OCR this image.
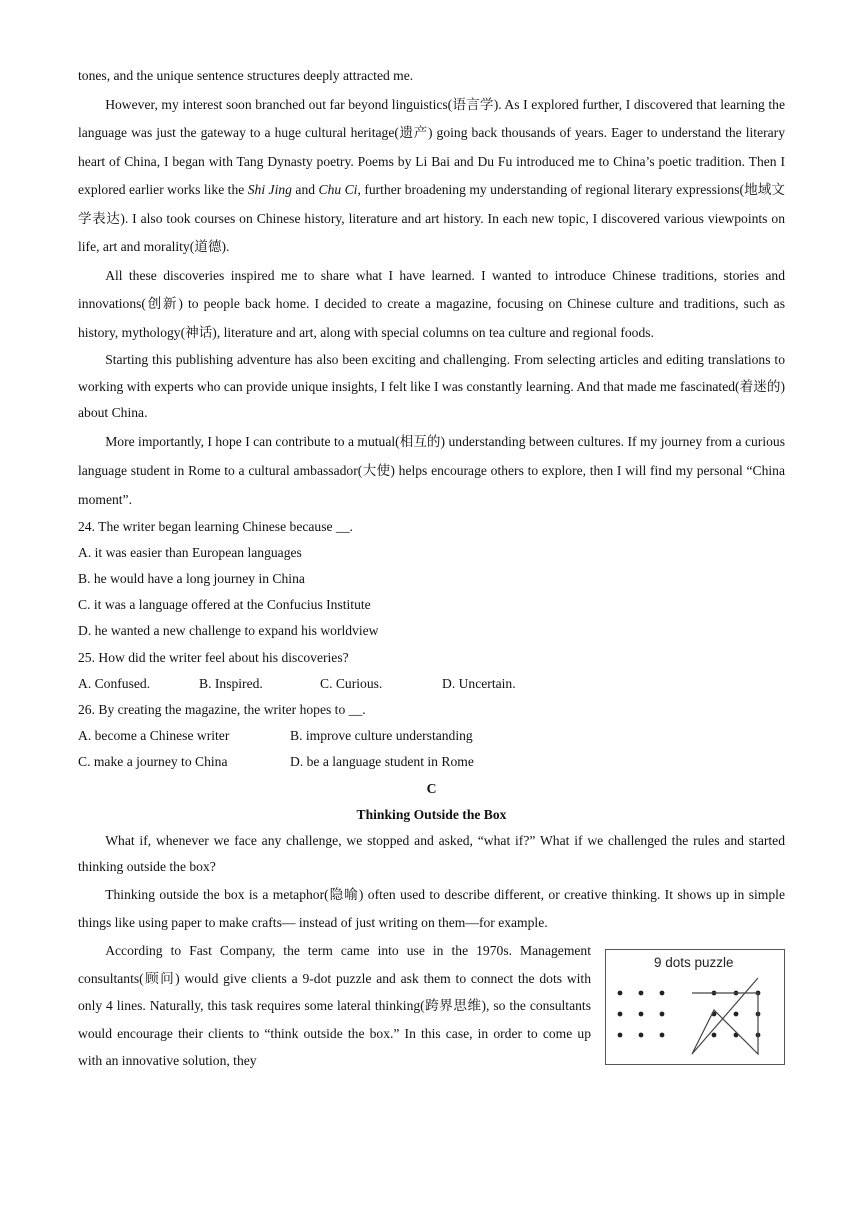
tones, and the unique sentence structures deeply attracted me.

However, my interest soon branched out far beyond linguistics(语言学). As I explored further, I discovered that learning the language was just the gateway to a huge cultural heritage(遗产) going back thousands of years. Eager to understand the literary heart of China, I began with Tang Dynasty poetry. Poems by Li Bai and Du Fu introduced me to China’s poetic tradition. Then I explored earlier works like the Shi Jing and Chu Ci, further broadening my understanding of regional literary expressions(地域文学表达). I also took courses on Chinese history, literature and art history. In each new topic, I discovered various viewpoints on life, art and morality(道德).

All these discoveries inspired me to share what I have learned. I wanted to introduce Chinese traditions, stories and innovations(创新) to people back home. I decided to create a magazine, focusing on Chinese culture and traditions, such as history, mythology(神话), literature and art, along with special columns on tea culture and regional foods.

Starting this publishing adventure has also been exciting and challenging. From selecting articles and editing translations to working with experts who can provide unique insights, I felt like I was constantly learning. And that made me fascinated(着迷的) about China.

More importantly, I hope I can contribute to a mutual(相互的) understanding between cultures. If my journey from a curious language student in Rome to a cultural ambassador(大使) helps encourage others to explore, then I will find my personal “China moment”.

24. The writer began learning Chinese because __.

A. it was easier than European languages

B. he would have a long journey in China

C. it was a language offered at the Confucius Institute

D. he wanted a new challenge to expand his worldview

25. How did the writer feel about his discoveries?

A. Confused.	B. Inspired.	C. Curious.	D. Uncertain.

26. By creating the magazine, the writer hopes to __.

A. become a Chinese writer	B. improve culture understanding
C. make a journey to China	D. be a language student in Rome

C

Thinking Outside the Box

What if, whenever we face any challenge, we stopped and asked, “what if?” What if we challenged the rules and started thinking outside the box?

Thinking outside the box is a metaphor(隐喻) often used to describe different, or creative thinking. It shows up in simple things like using paper to make crafts— instead of just writing on them—for example.

9 dots puzzle

According to Fast Company, the term came into use in the 1970s. Management consultants(顾问) would give clients a 9-dot puzzle and ask them to connect the dots with only 4 lines. Naturally, this task requires some lateral thinking(跨界思维), so the consultants would encourage their clients to “think outside the box.” In this case, in order to come up with an innovative solution, they
